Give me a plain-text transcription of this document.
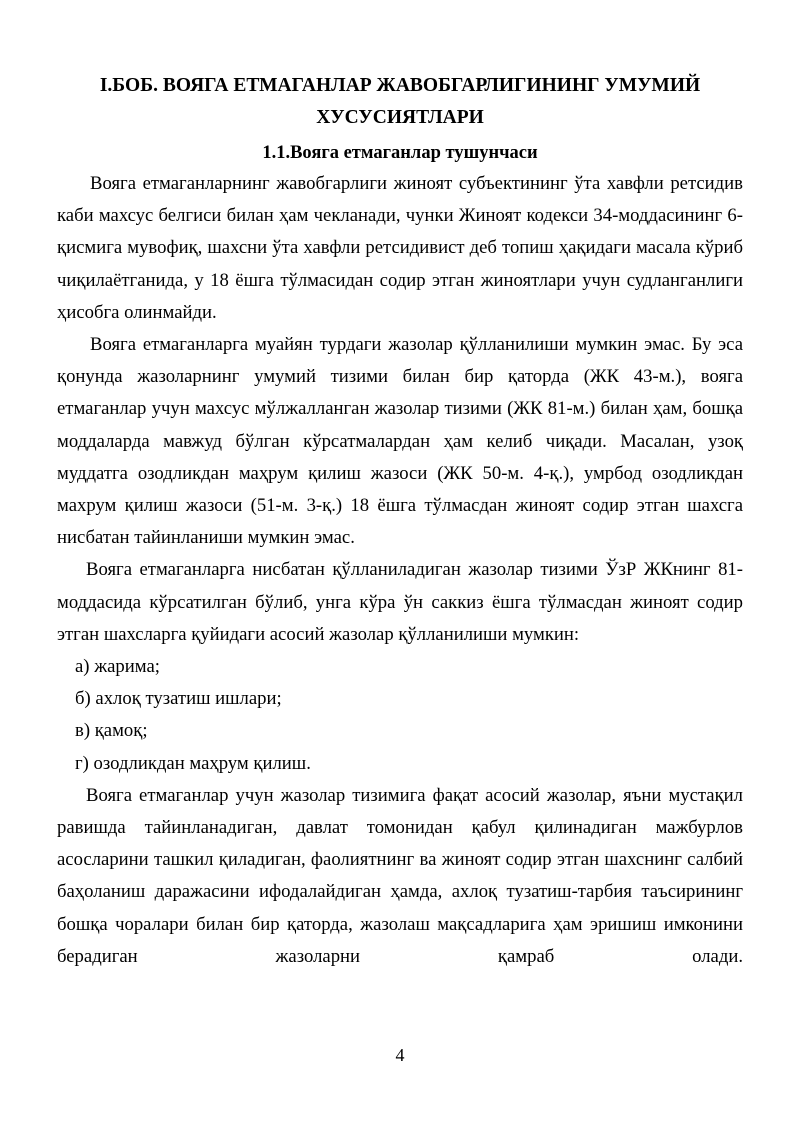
I.БОБ. ВОЯГА ЕТМАГАНЛАР ЖАВОБГАРЛИГИНИНГ УМУМИЙ
ХУСУСИЯТЛАРИ
1.1.Вояга етмаганлар тушунчаси

Вояга етмаганларнинг жавобгарлиги жиноят субъектининг ўта хавфли ретсидив каби махсус белгиси билан ҳам чекланади, чунки Жиноят кодекси 34-моддасининг 6-қисмига мувофиқ, шахсни ўта хавфли ретсидивист деб топиш ҳақидаги масала кўриб чиқилаётганида, у 18 ёшга тўлмасидан содир этган жиноятлари учун судланганлиги ҳисобга олинмайди.

Вояга етмаганларга муайян турдаги жазолар қўлланилиши мумкин эмас. Бу эса қонунда жазоларнинг умумий тизими билан бир қаторда (ЖК 43-м.), вояга етмаганлар учун махсус мўлжалланган жазолар тизими (ЖК 81-м.) билан ҳам, бошқа моддаларда мавжуд бўлган кўрсатмалардан ҳам келиб чиқади. Масалан, узоқ муддатга озодликдан маҳрум қилиш жазоси (ЖК 50-м. 4-қ.), умрбод озодликдан махрум қилиш жазоси (51-м. 3-қ.) 18 ёшга тўлмасдан жиноят содир этган шахсга нисбатан тайинланиши мумкин эмас.

Вояга етмаганларга нисбатан қўлланиладиган жазолар тизими ЎзР ЖКнинг 81-моддасида кўрсатилган бўлиб, унга кўра ўн саккиз ёшга тўлмасдан жиноят содир этган шахсларга қуйидаги асосий жазолар қўлланилиши мумкин:

а) жарима;

б) ахлоқ тузатиш ишлари;

в) қамоқ;

г) озодликдан маҳрум қилиш.

Вояга етмаганлар учун жазолар тизимига фақат асосий жазолар, яъни мустақил равишда тайинланадиган, давлат томонидан қабул қилинадиган мажбурлов асосларини ташкил қиладиган, фаолиятнинг ва жиноят содир этган шахснинг салбий баҳоланиш даражасини ифодалайдиган ҳамда, ахлоқ тузатиш-тарбия таъсирининг бошқа чоралари билан бир қаторда, жазолаш мақсадларига ҳам эришиш имконини берадиган жазоларни қамраб олади.

4
